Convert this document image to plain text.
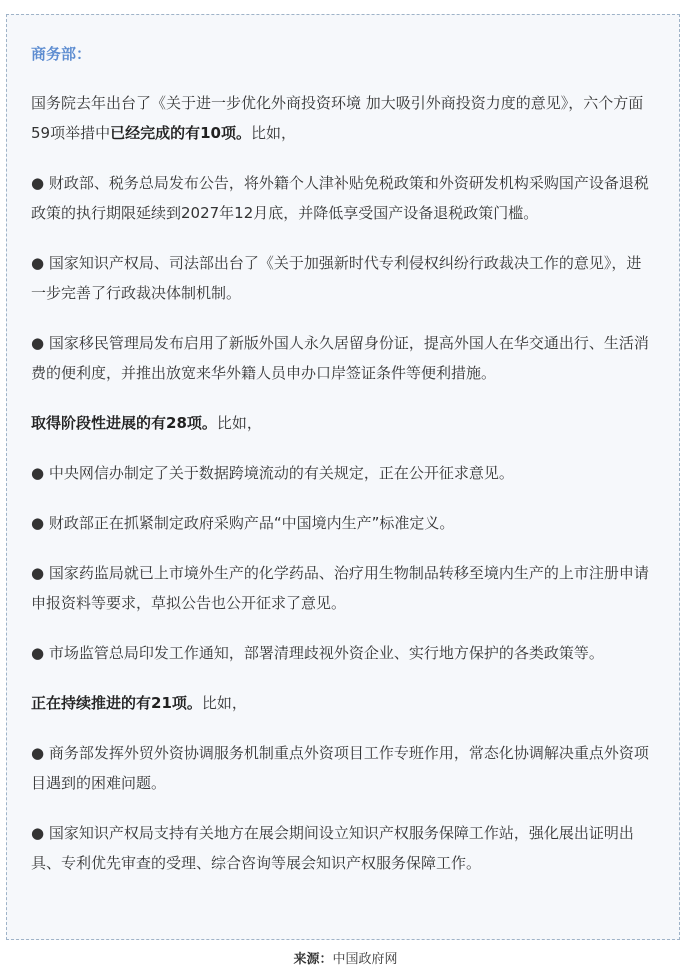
商务部：
国务院去年出台了《关于进一步优化外商投资环境 加大吸引外商投资力度的意见》，六个方面59项举措中已经完成的有10项。比如，
● 财政部、税务总局发布公告，将外籍个人津补贴免税政策和外资研发机构采购国产设备退税政策的执行期限延续到2027年12月底，并降低享受国产设备退税政策门槛。
● 国家知识产权局、司法部出台了《关于加强新时代专利侵权纠纷行政裁决工作的意见》，进一步完善了行政裁决体制机制。
● 国家移民管理局发布启用了新版外国人永久居留身份证，提高外国人在华交通出行、生活消费的便利度，并推出放宽来华外籍人员申办口岸签证条件等便利措施。
取得阶段性进展的有28项。比如，
● 中央网信办制定了关于数据跨境流动的有关规定，正在公开征求意见。
● 财政部正在抓紧制定政府采购产品“中国境内生产”标准定义。
● 国家药监局就已上市境外生产的化学药品、治疗用生物制品转移至境内生产的上市注册申请申报资料等要求，草拟公告也公开征求了意见。
● 市场监管总局印发工作通知，部署清理歧视外资企业、实行地方保护的各类政策等。
正在持续推进的有21项。比如，
● 商务部发挥外贸外资协调服务机制重点外资项目工作专班作用，常态化协调解决重点外资项目遇到的困难问题。
● 国家知识产权局支持有关地方在展会期间设立知识产权服务保障工作站，强化展出证明出具、专利优先审查的受理、综合咨询等展会知识产权服务保障工作。
来源：中国政府网
